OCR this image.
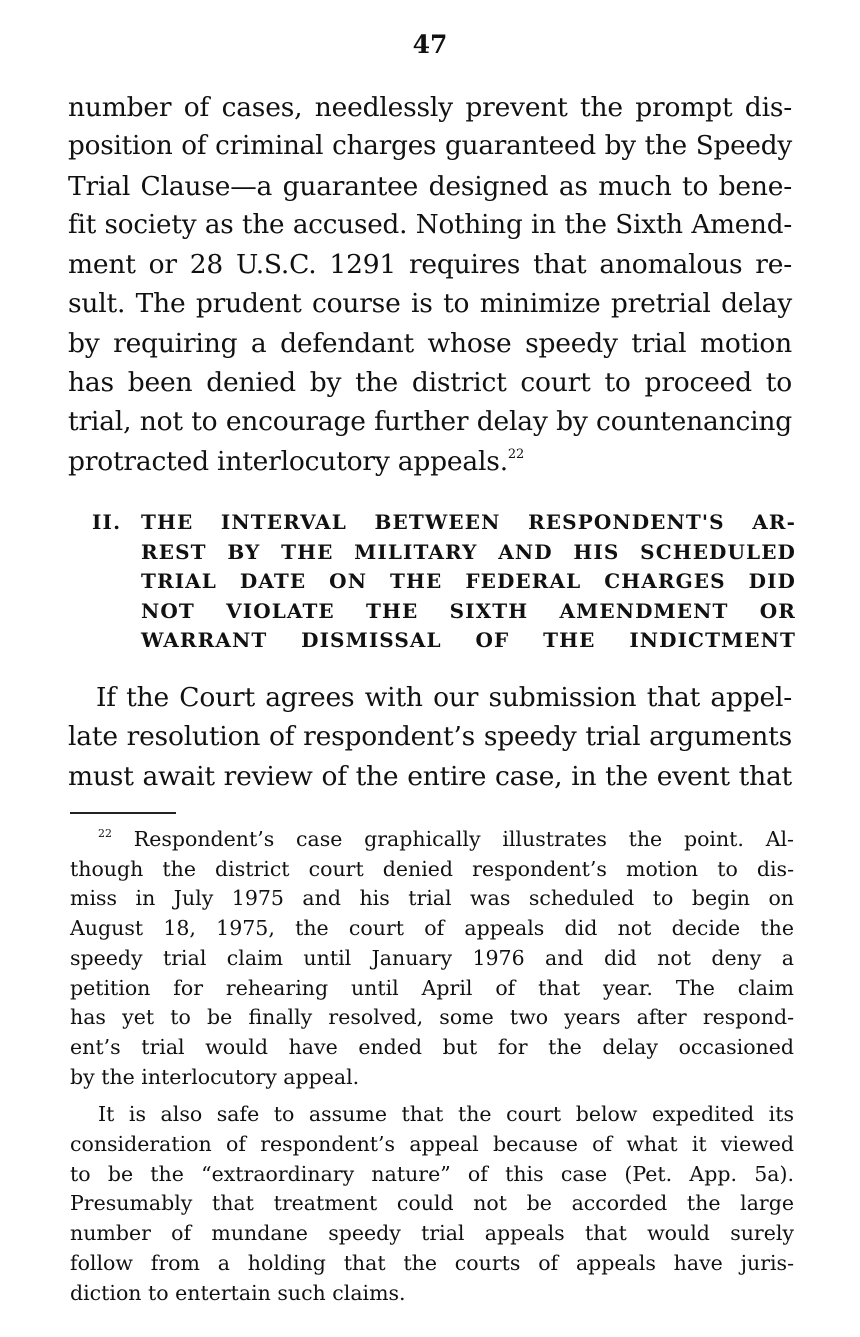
47
number of cases, needlessly prevent the prompt dis-
position of criminal charges guaranteed by the Speedy
Trial Clause—a guarantee designed as much to bene-
fit society as the accused. Nothing in the Sixth Amend-
ment or 28 U.S.C. 1291 requires that anomalous re-
sult. The prudent course is to minimize pretrial delay
by requiring a defendant whose speedy trial motion
has been denied by the district court to proceed to
trial, not to encourage further delay by countenancing
protracted interlocutory appeals.$^{22}$
II. THE INTERVAL BETWEEN RESPONDENT'S AR-
REST BY THE MILITARY AND HIS SCHEDULED
TRIAL DATE ON THE FEDERAL CHARGES DID
NOT VIOLATE THE SIXTH AMENDMENT OR
WARRANT DISMISSAL OF THE INDICTMENT
If the Court agrees with our submission that appel-
late resolution of respondent’s speedy trial arguments
must await review of the entire case, in the event that
$^{22}$ Respondent’s case graphically illustrates the point. Al-
though the district court denied respondent’s motion to dis-
miss in July 1975 and his trial was scheduled to begin on
August 18, 1975, the court of appeals did not decide the
speedy trial claim until January 1976 and did not deny a
petition for rehearing until April of that year. The claim
has yet to be finally resolved, some two years after respond-
ent’s trial would have ended but for the delay occasioned
by the interlocutory appeal.
It is also safe to assume that the court below expedited its
consideration of respondent’s appeal because of what it viewed
to be the “extraordinary nature” of this case (Pet. App. 5a).
Presumably that treatment could not be accorded the large
number of mundane speedy trial appeals that would surely
follow from a holding that the courts of appeals have juris-
diction to entertain such claims.
